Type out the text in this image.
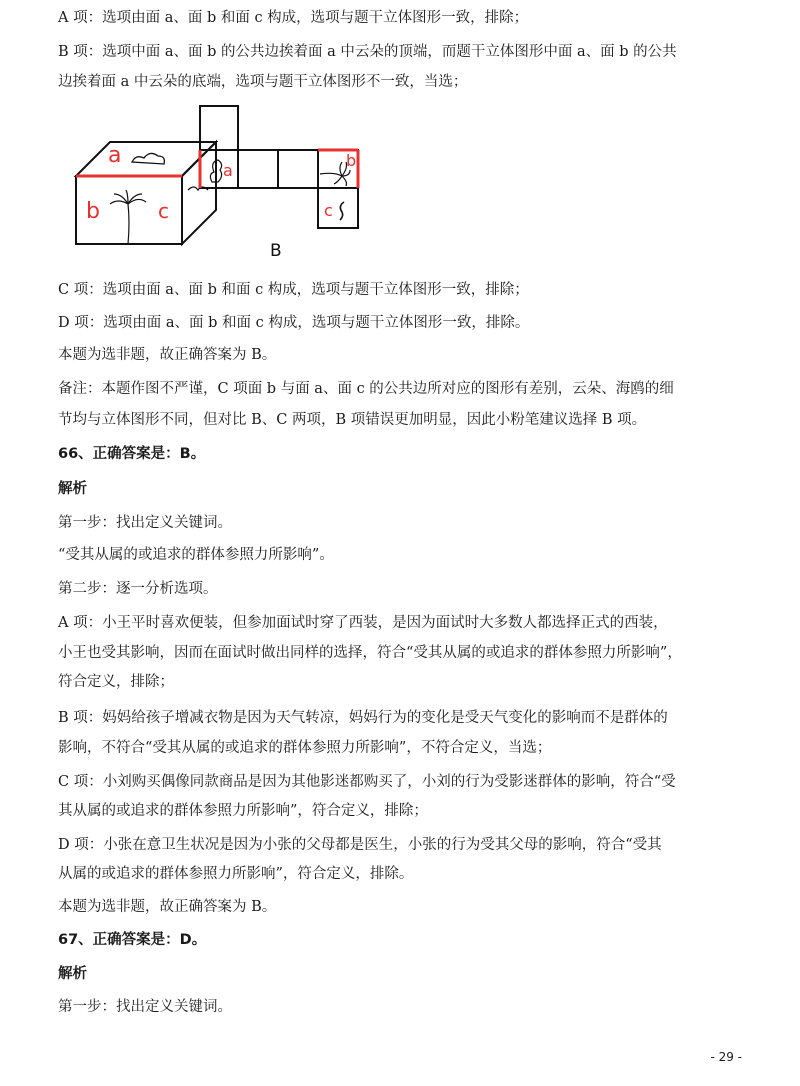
A 项：选项由面 a、面 b 和面 c 构成，选项与题干立体图形一致，排除；

B 项：选项中面 a、面 b 的公共边挨着面 a 中云朵的顶端，而题干立体图形中面 a、面 b 的公共

边挨着面 a 中云朵的底端，选项与题干立体图形不一致，当选；

a
b	c
a
b
c
B

C 项：选项由面 a、面 b 和面 c 构成，选项与题干立体图形一致，排除；

D 项：选项由面 a、面 b 和面 c 构成，选项与题干立体图形一致，排除。

本题为选非题，故正确答案为 B。

备注：本题作图不严谨，C 项面 b 与面 a、面 c 的公共边所对应的图形有差别，云朵、海鸥的细

节均与立体图形不同，但对比 B、C 两项，B 项错误更加明显，因此小粉笔建议选择 B 项。

66、正确答案是：B。

解析

第一步：找出定义关键词。

“受其从属的或追求的群体参照力所影响”。

第二步：逐一分析选项。

A 项：小王平时喜欢便装，但参加面试时穿了西装，是因为面试时大多数人都选择正式的西装，

小王也受其影响，因而在面试时做出同样的选择，符合“受其从属的或追求的群体参照力所影响”，

符合定义，排除；

B 项：妈妈给孩子增减衣物是因为天气转凉，妈妈行为的变化是受天气变化的影响而不是群体的

影响，不符合“受其从属的或追求的群体参照力所影响”，不符合定义，当选；

C 项：小刘购买偶像同款商品是因为其他影迷都购买了，小刘的行为受影迷群体的影响，符合“受

其从属的或追求的群体参照力所影响”，符合定义，排除；

D 项：小张在意卫生状况是因为小张的父母都是医生，小张的行为受其父母的影响，符合“受其

从属的或追求的群体参照力所影响”，符合定义，排除。

本题为选非题，故正确答案为 B。

67、正确答案是：D。

解析

第一步：找出定义关键词。

- 29 -
